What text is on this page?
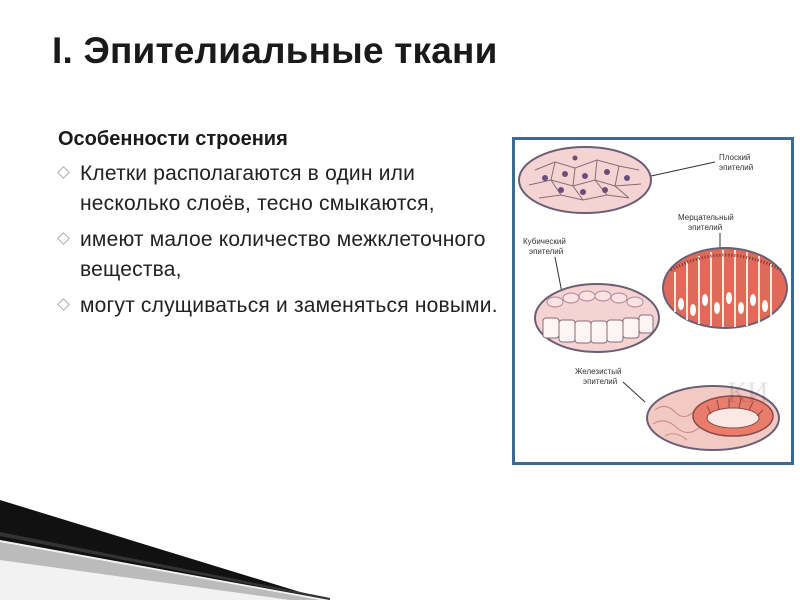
I. Эпителиальные ткани
Особенности строения
Клетки располагаются в один или несколько слоёв, тесно смыкаются,
имеют малое количество межклеточного вещества,
могут слущиваться и заменяться новыми.
Плоский
эпителий
Мерцательный
эпителий
Кубический
эпителий
Железистый
эпителий	КИ
